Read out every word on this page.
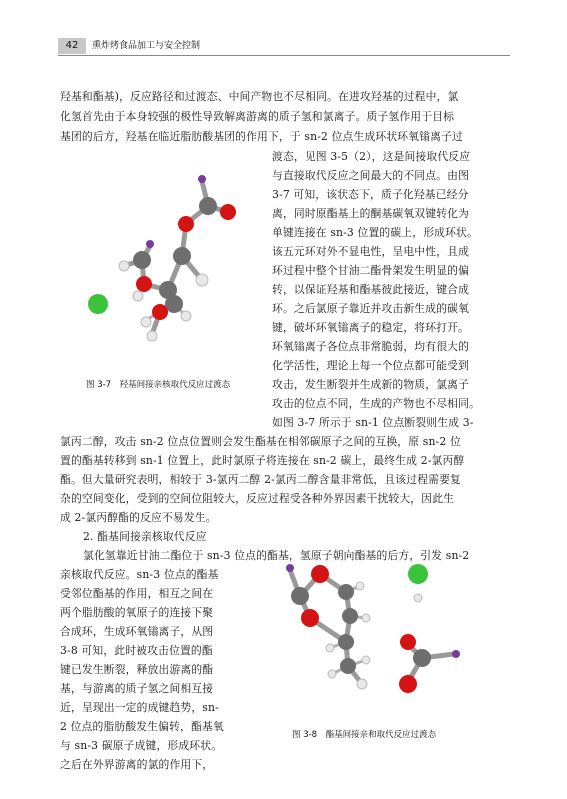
42	熏炸烤食品加工与安全控制
羟基和酯基)，反应路径和过渡态、中间产物也不尽相同。在进攻羟基的过程中，氯
化氢首先由于本身较强的极性导致解离游离的质子氢和氯离子。质子氢作用于目标
基团的后方，羟基在临近脂肪酸基团的作用下，于 sn-2 位点生成环状环氧𬭩离子过
渡态，见图 3-5（2），这是间接取代反应
与直接取代反应之间最大的不同点。由图
3-7 可知，该状态下，质子化羟基已经分
离，同时原酯基上的酮基碳氧双键转化为
单键连接在 sn-3 位置的碳上，形成环状。
该五元环对外不显电性，呈电中性，且成
环过程中整个甘油二酯骨架发生明显的偏
转，以保证羟基和酯基彼此接近，键合成
环。之后氯原子靠近并攻击新生成的碳氧
键，破坏环氧𬭩离子的稳定，将环打开。
环氧𬭩离子各位点非常脆弱，均有很大的
化学活性，理论上每一个位点都可能受到
攻击，发生断裂并生成新的物质，氯离子
攻击的位点不同，生成的产物也不尽相同。
如图 3-7 所示于 sn-1 位点断裂则生成 3-
图 3-7　羟基间接亲核取代反应过渡态
氯丙二醇，攻击 sn-2 位点位置则会发生酯基在相邻碳原子之间的互换，原 sn-2 位
置的酯基转移到 sn-1 位置上，此时氯原子将连接在 sn-2 碳上，最终生成 2-氯丙醇
酯。但大量研究表明，相较于 3-氯丙二醇 2-氯丙二醇含量非常低，且该过程需要复
杂的空间变化，受到的空间位阻较大，反应过程受各种外界因素干扰较大，因此生
成 2-氯丙醇酯的反应不易发生。
2. 酯基间接亲核取代反应
氯化氢靠近甘油二酯位于 sn-3 位点的酯基，氢原子朝向酯基的后方，引发 sn-2
亲核取代反应。sn-3 位点的酯基
受邻位酯基的作用，相互之间在
两个脂肪酸的氧原子的连接下聚
合成环，生成环氧𬭩离子，从图
3-8 可知，此时被攻击位置的酯
键已发生断裂，释放出游离的酯
基，与游离的质子氢之间相互接
近，呈现出一定的成键趋势，sn-
2 位点的脂肪酸发生偏转，酯基氧
与 sn-3 碳原子成键，形成环状。
之后在外界游离的氯的作用下，
图 3-8　酯基间接亲和取代反应过渡态
